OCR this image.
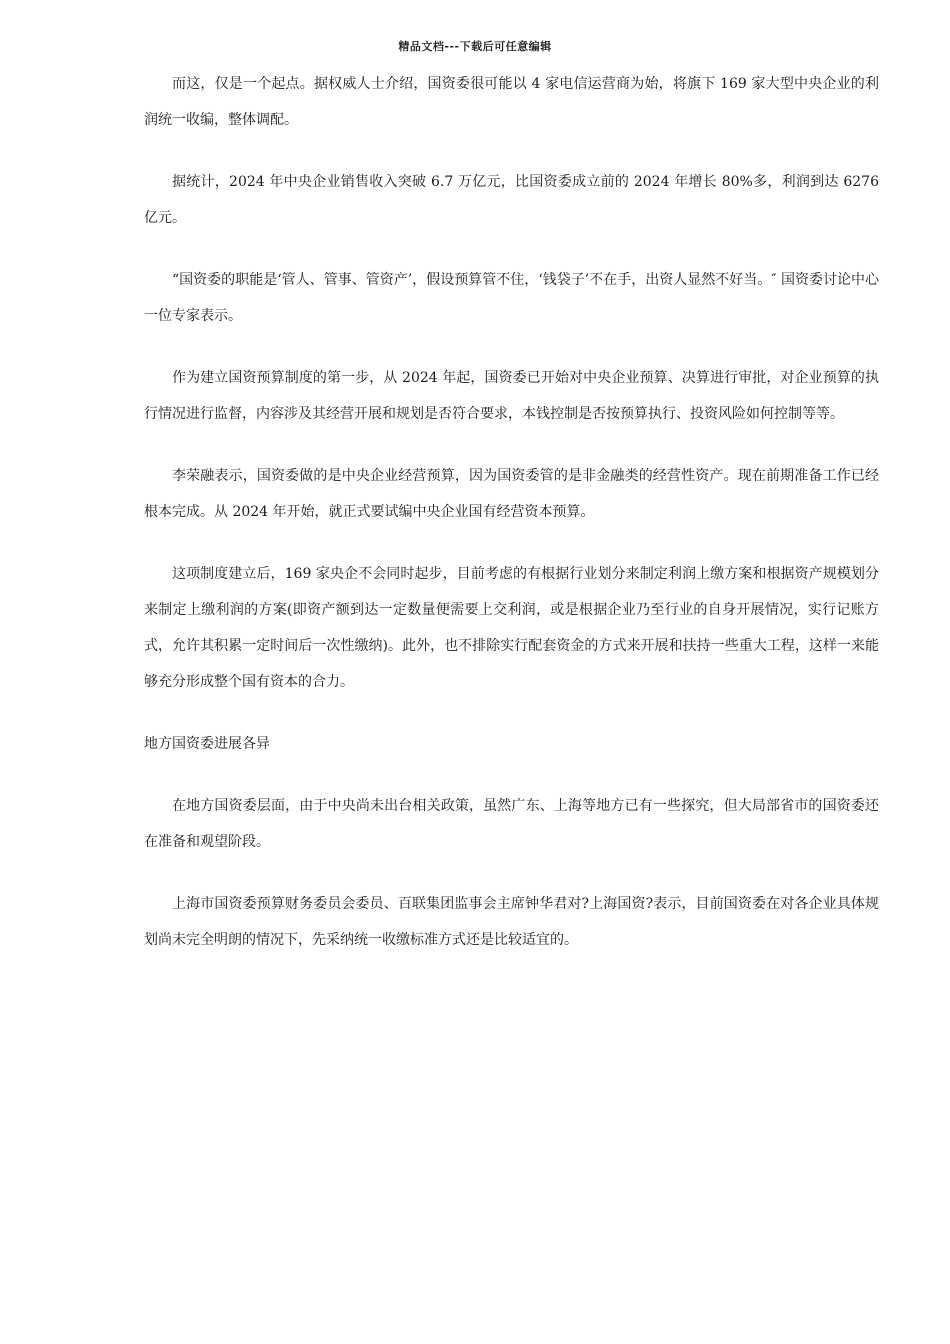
精品文档---下载后可任意编辑

而这，仅是一个起点。据权威人士介绍，国资委很可能以 4 家电信运营商为始，将旗下 169 家大型中央企业的利润统一收编，整体调配。

据统计，2024 年中央企业销售收入突破 6.7 万亿元，比国资委成立前的 2024 年增长 80%多，利润到达 6276 亿元。

“国资委的职能是‘管人、管事、管资产’，假设预算管不住，‘钱袋子’不在手，出资人显然不好当。″ 国资委讨论中心一位专家表示。

作为建立国资预算制度的第一步，从 2024 年起，国资委已开始对中央企业预算、决算进行审批，对企业预算的执行情况进行监督，内容涉及其经营开展和规划是否符合要求，本钱控制是否按预算执行、投资风险如何控制等等。

李荣融表示，国资委做的是中央企业经营预算，因为国资委管的是非金融类的经营性资产。现在前期准备工作已经根本完成。从 2024 年开始，就正式要试编中央企业国有经营资本预算。

这项制度建立后，169 家央企不会同时起步，目前考虑的有根据行业划分来制定利润上缴方案和根据资产规模划分来制定上缴利润的方案(即资产额到达一定数量便需要上交利润，或是根据企业乃至行业的自身开展情况，实行记账方式，允许其积累一定时间后一次性缴纳)。此外，也不排除实行配套资金的方式来开展和扶持一些重大工程，这样一来能够充分形成整个国有资本的合力。

地方国资委进展各异

在地方国资委层面，由于中央尚未出台相关政策，虽然广东、上海等地方已有一些探究，但大局部省市的国资委还在准备和观望阶段。

上海市国资委预算财务委员会委员、百联集团监事会主席钟华君对?上海国资?表示，目前国资委在对各企业具体规划尚未完全明朗的情况下，先采纳统一收缴标准方式还是比较适宜的。
